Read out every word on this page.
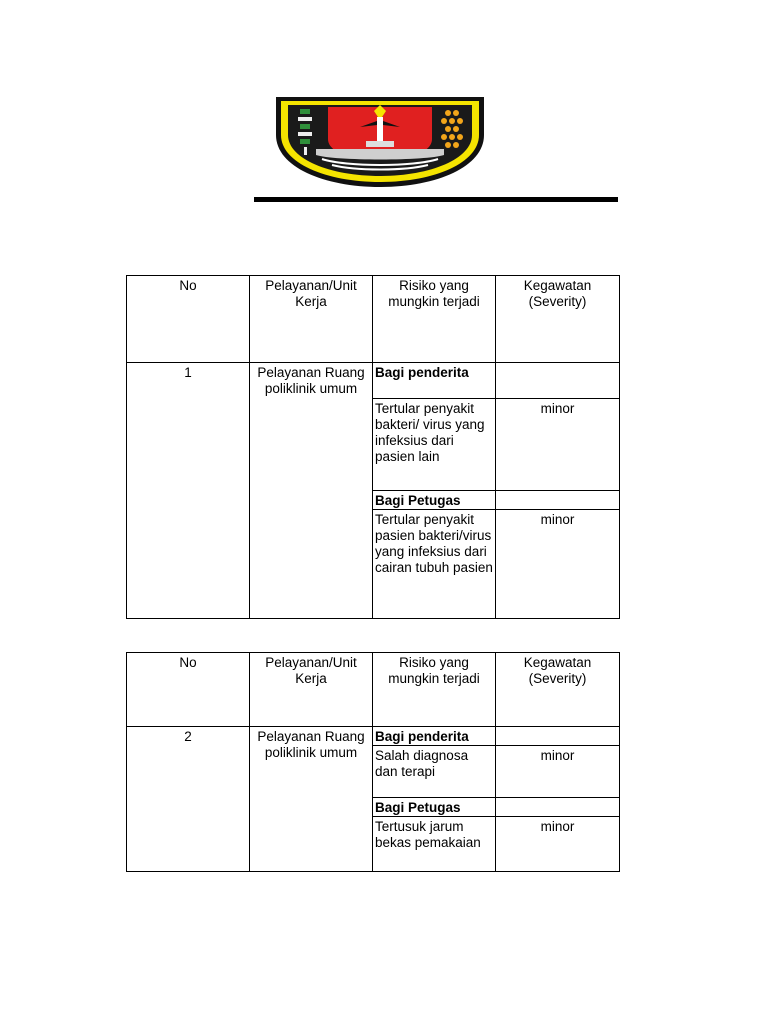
No	Pelayanan/Unit Kerja	Risiko yang mungkin terjadi	Kegawatan (Severity)
1	Pelayanan Ruang poliklinik umum	Bagi penderita	
		Tertular penyakit bakteri/ virus yang infeksius dari pasien lain	minor
		Bagi Petugas	
		Tertular penyakit pasien bakteri/virus yang infeksius dari cairan tubuh pasien	minor
No	Pelayanan/Unit Kerja	Risiko yang mungkin terjadi	Kegawatan (Severity)
2	Pelayanan Ruang poliklinik umum	Bagi penderita	
		Salah diagnosa dan terapi	minor
		Bagi Petugas	
		Tertusuk jarum bekas pemakaian	minor
